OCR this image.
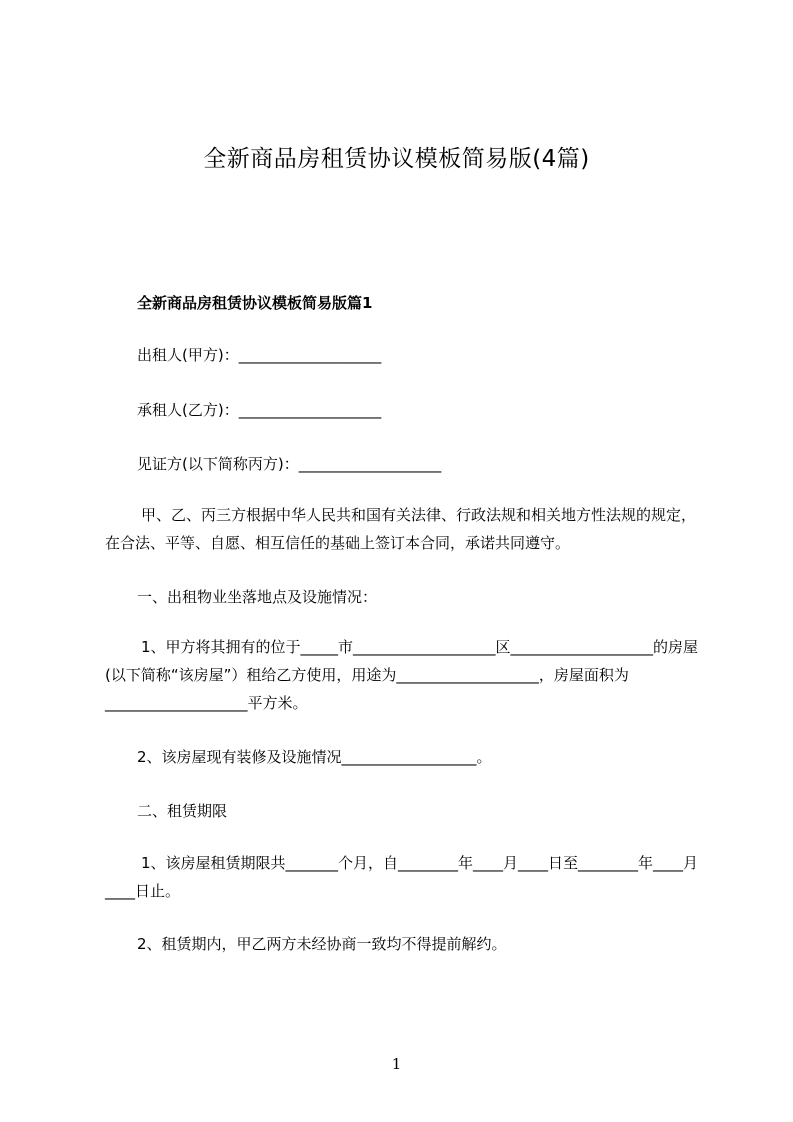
全新商品房租赁协议模板简易版(4篇)
全新商品房租赁协议模板简易版篇1
出租人(甲方)：___________________
承租人(乙方)：___________________
见证方(以下简称丙方)：___________________
甲、乙、丙三方根据中华人民共和国有关法律、行政法规和相关地方性法规的规定，在合法、平等、自愿、相互信任的基础上签订本合同，承诺共同遵守。
一、出租物业坐落地点及设施情况：
1、甲方将其拥有的位于_____市___________________区___________________的房屋(以下简称“该房屋”）租给乙方使用，用途为___________________，房屋面积为___________________平方米。
2、该房屋现有装修及设施情况__________________。
二、租赁期限
1、该房屋租赁期限共_______个月，自________年____月____日至________年____月____日止。
2、租赁期内，甲乙两方未经协商一致均不得提前解约。
1
